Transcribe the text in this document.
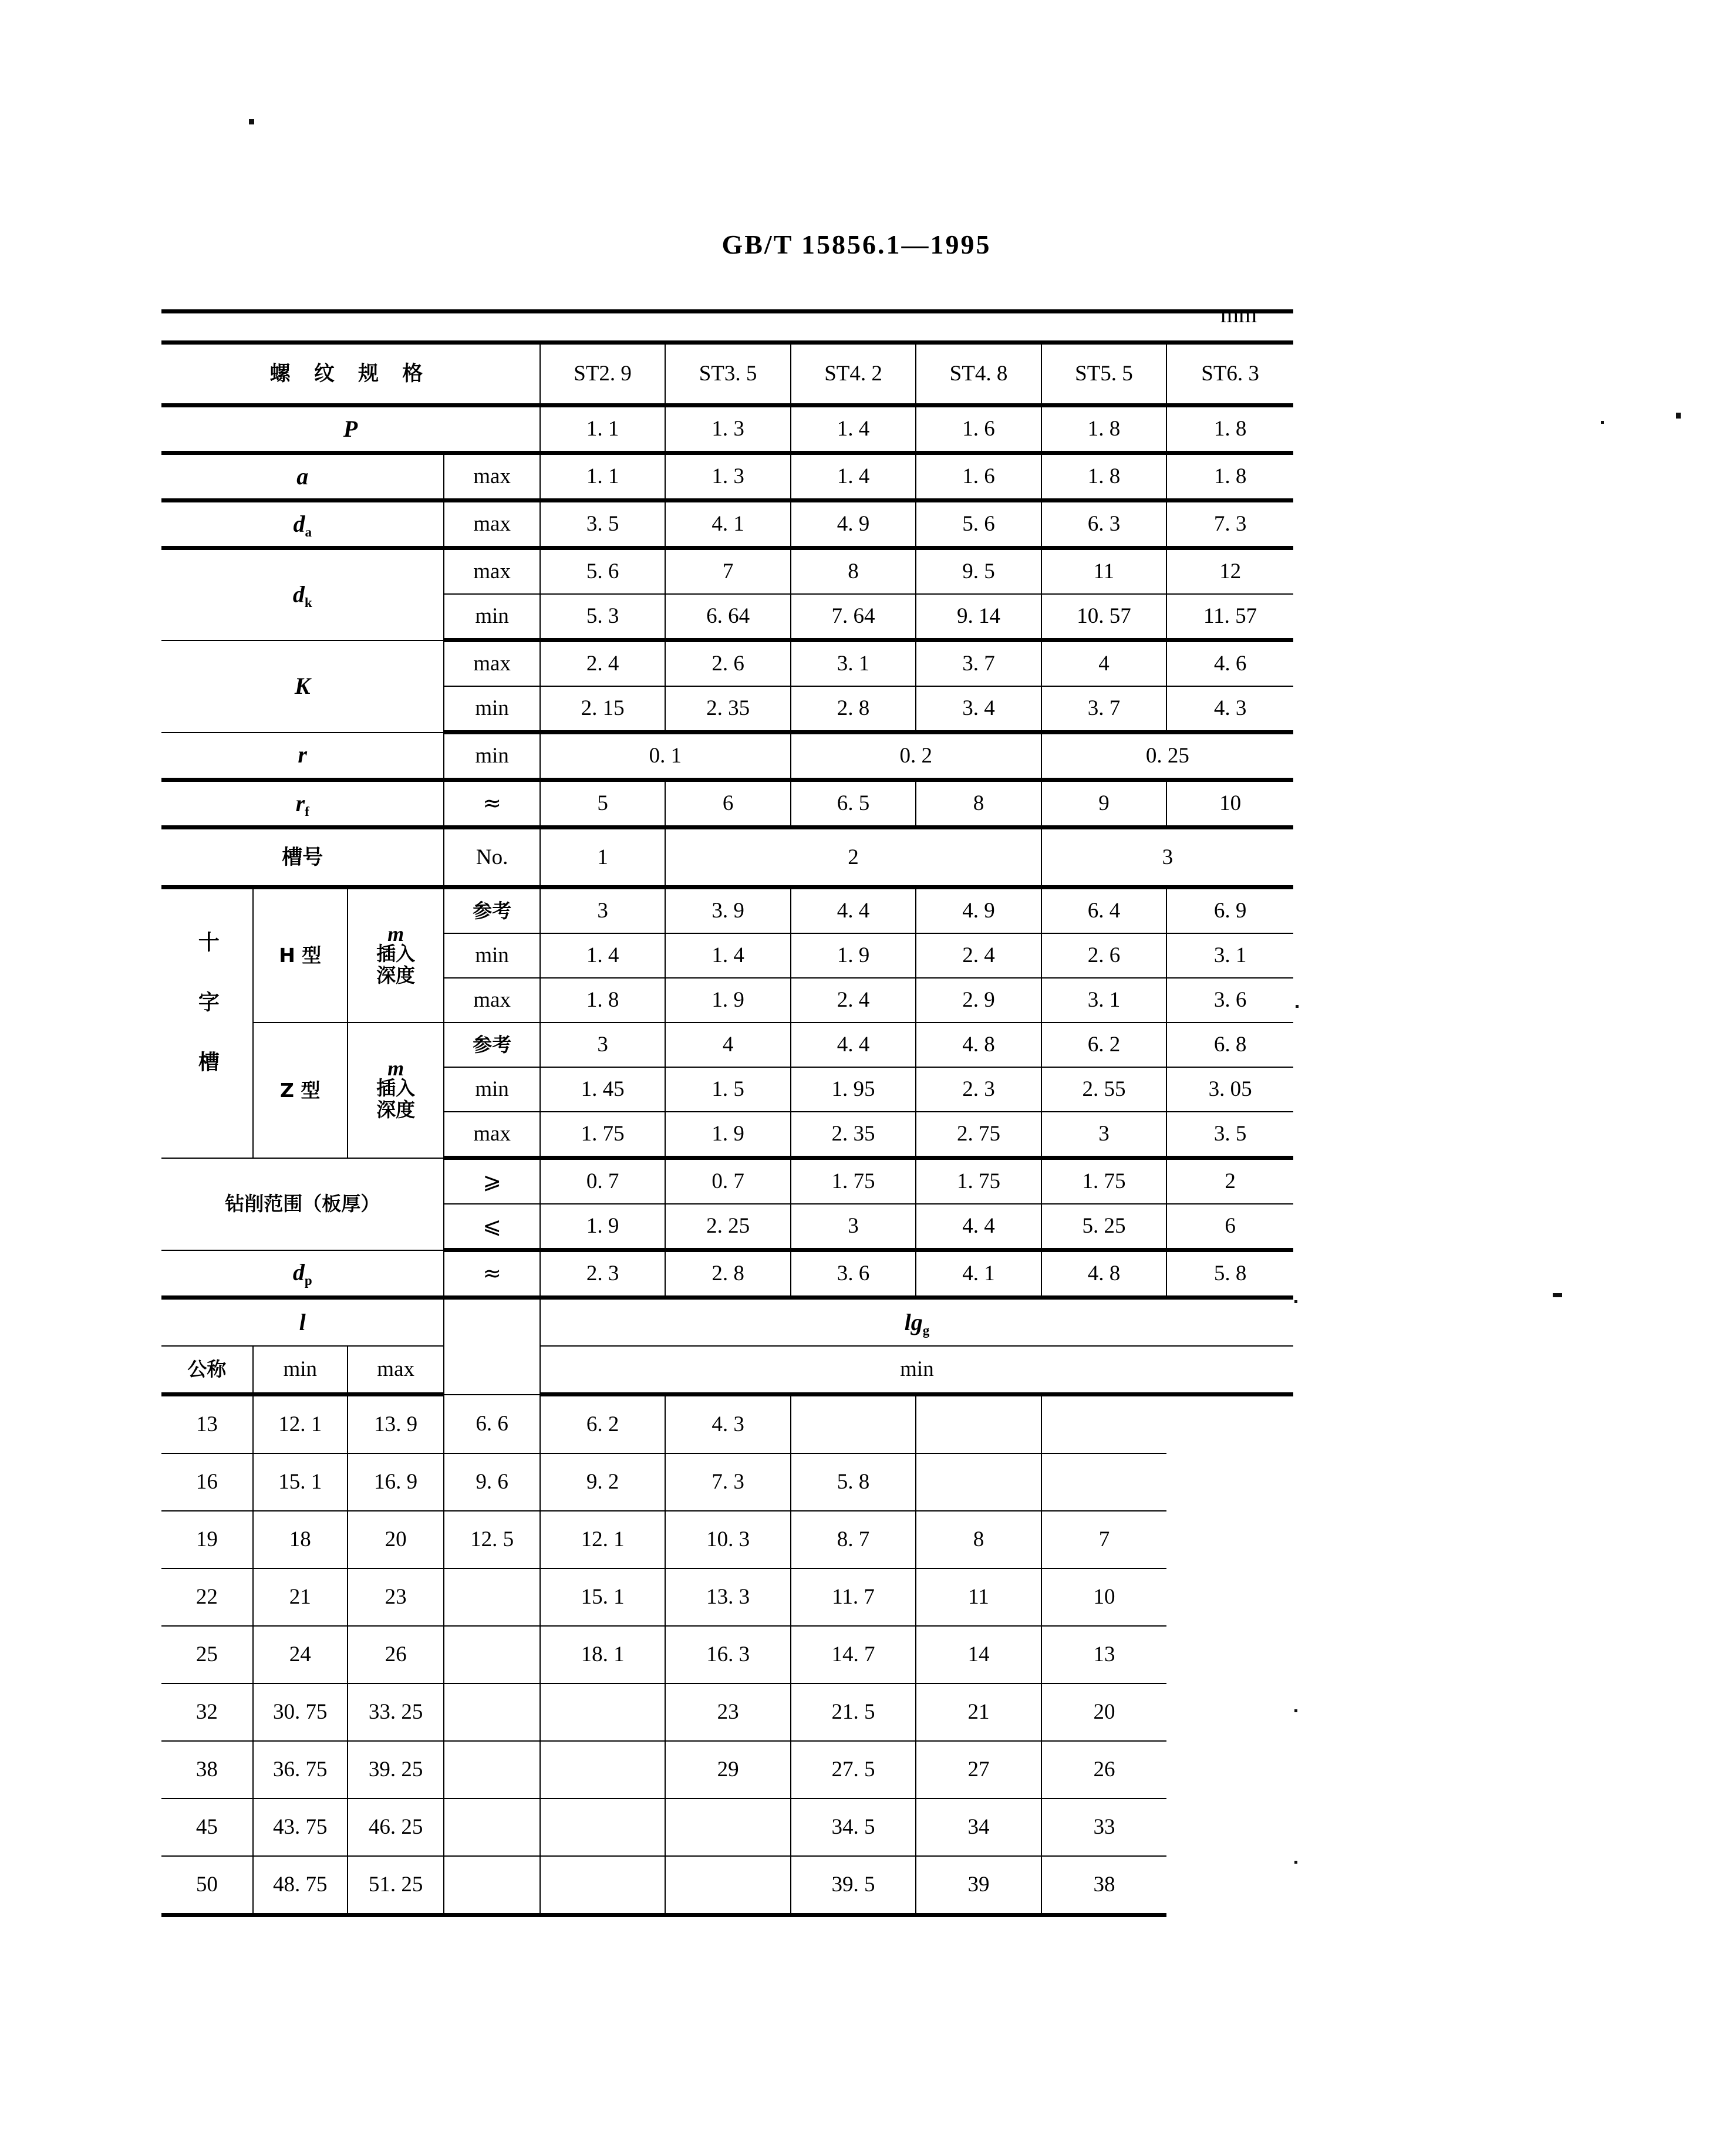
GB/T 15856.1—1995
mm
螺 纹 规 格				ST2. 9	ST3. 5	ST4. 2	ST4. 8	ST5. 5	ST6. 3
P				1. 1	1. 3	1. 4	1. 6	1. 8	1. 8
a			max	1. 1	1. 3	1. 4	1. 6	1. 8	1. 8
$d_a$			max	3. 5	4. 1	4. 9	5. 6	6. 3	7. 3
$d_k$			max	5. 6	7	8	9. 5	11	12
			min	5. 3	6. 64	7. 64	9. 14	10. 57	11. 57
K			max	2. 4	2. 6	3. 1	3. 7	4	4. 6
			min	2. 15	2. 35	2. 8	3. 4	3. 7	4. 3
r			min	0. 1		0. 2		0. 25	
$r_f$			≈	5	6	6. 5	8	9	10
槽号			No.	1	2			3	
十字槽	H 型	m
插入
深度	参考	3	3. 9	4. 4	4. 9	6. 4	6. 9
			min	1. 4	1. 4	1. 9	2. 4	2. 6	3. 1
			max	1. 8	1. 9	2. 4	2. 9	3. 1	3. 6
	Z 型	m
插入
深度	参考	3	4	4. 4	4. 8	6. 2	6. 8
			min	1. 45	1. 5	1. 95	2. 3	2. 55	3. 05
			max	1. 75	1. 9	2. 35	2. 75	3	3. 5
钻削范围（板厚）			⩾	0. 7	0. 7	1. 75	1. 75	1. 75	2
			⩽	1. 9	2. 25	3	4. 4	5. 25	6
$d_p$			≈	2. 3	2. 8	3. 6	4. 1	4. 8	5. 8
l				$\lg_g$
公称	min	max		min					
13	12. 1	13. 9	6. 6	6. 2	4. 3				
16	15. 1	16. 9	9. 6	9. 2	7. 3	5. 8			
19	18	20	12. 5	12. 1	10. 3	8. 7	8	7	
22	21	23		15. 1	13. 3	11. 7	11	10	
25	24	26		18. 1	16. 3	14. 7	14	13	
32	30. 75	33. 25			23	21. 5	21	20	
38	36. 75	39. 25			29	27. 5	27	26	
45	43. 75	46. 25				34. 5	34	33	
50	48. 75	51. 25				39. 5	39	38	
